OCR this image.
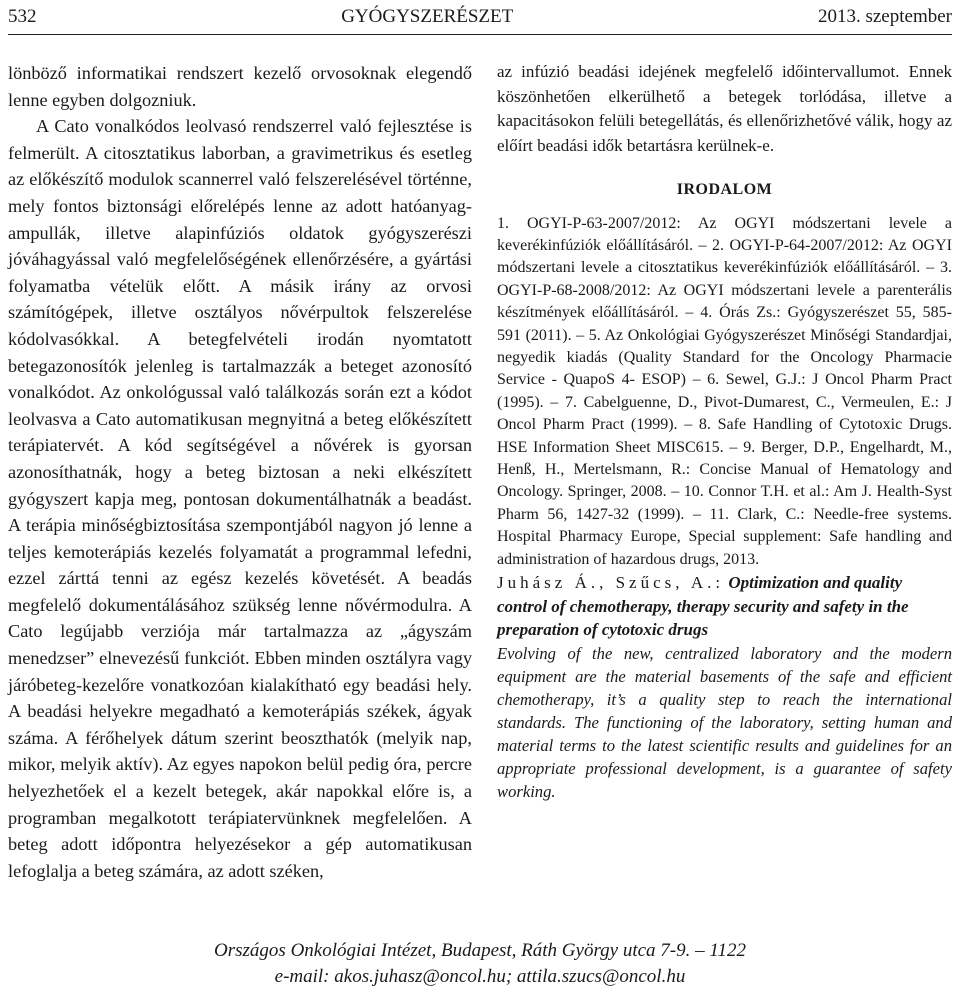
532	GYÓGYSZERÉSZET	2013. szeptember

lönböző informatikai rendszert kezelő orvosoknak elegendő lenne egyben dolgozniuk.

A Cato vonalkódos leolvasó rendszerrel való fejlesztése is felmerült. A citosztatikus laborban, a gravimetrikus és esetleg az előkészítő modulok scannerrel való felszerelésével történne, mely fontos biztonsági előrelépés lenne az adott hatóanyag-ampullák, illetve alapinfúziós oldatok gyógyszerészi jóváhagyással való megfelelőségének ellenőrzésére, a gyártási folyamatba vételük előtt. A másik irány az orvosi számítógépek, illetve osztályos nővérpultok felszerelése kódolvasókkal. A betegfelvételi irodán nyomtatott betegazonosítók jelenleg is tartalmazzák a beteget azonosító vonalkódot. Az onkológussal való találkozás során ezt a kódot leolvasva a Cato automatikusan megnyitná a beteg előkészített terápiatervét. A kód segítségével a nővérek is gyorsan azonosíthatnák, hogy a beteg biztosan a neki elkészített gyógyszert kapja meg, pontosan dokumentálhatnák a beadást. A terápia minőségbiztosítása szempontjából nagyon jó lenne a teljes kemoterápiás kezelés folyamatát a programmal lefedni, ezzel zárttá tenni az egész kezelés követését. A beadás megfelelő dokumentálásához szükség lenne nővérmodulra. A Cato legújabb verziója már tartalmazza az „ágyszám menedzser” elnevezésű funkciót. Ebben minden osztályra vagy járóbeteg-kezelőre vonatkozóan kialakítható egy beadási hely. A beadási helyekre megadható a kemoterápiás székek, ágyak száma. A férőhelyek dátum szerint beoszthatók (melyik nap, mikor, melyik aktív). Az egyes napokon belül pedig óra, percre helyezhetőek el a kezelt betegek, akár napokkal előre is, a programban megalkotott terápiatervünknek megfelelően. A beteg adott időpontra helyezésekor a gép automatikusan lefoglalja a beteg számára, az adott széken,

az infúzió beadási idejének megfelelő időintervallumot. Ennek köszönhetően elkerülhető a betegek torlódása, illetve a kapacitásokon felüli betegellátás, és ellenőrizhetővé válik, hogy az előírt beadási idők betartásra kerülnek-e.

IRODALOM

1. OGYI-P-63-2007/2012: Az OGYI módszertani levele a keverékinfúziók előállításáról. – 2. OGYI-P-64-2007/2012: Az OGYI módszertani levele a citosztatikus keverékinfúziók előállításáról. – 3. OGYI-P-68-2008/2012: Az OGYI módszertani levele a parenterális készítmények előállításáról. – 4. Órás Zs.: Gyógyszerészet 55, 585-591 (2011). – 5. Az Onkológiai Gyógyszerészet Minőségi Standardjai, negyedik kiadás (Quality Standard for the Oncology Pharmacie Service - QuapoS 4- ESOP) – 6. Sewel, G.J.: J Oncol Pharm Pract (1995). – 7. Cabelguenne, D., Pivot-Dumarest, C., Vermeulen, E.: J Oncol Pharm Pract (1999). – 8. Safe Handling of Cytotoxic Drugs. HSE Information Sheet MISC615. – 9. Berger, D.P., Engelhardt, M., Henß, H., Mertelsmann, R.: Concise Manual of Hematology and Oncology. Springer, 2008. – 10. Connor T.H. et al.: Am J. Health-Syst Pharm 56, 1427-32 (1999). – 11. Clark, C.: Needle-free systems. Hospital Pharmacy Europe, Special supplement: Safe handling and administration of hazardous drugs, 2013.

Juhász Á., Szűcs, A.: Optimization and quality control of chemotherapy, therapy security and safety in the preparation of cytotoxic drugs

Evolving of the new, centralized laboratory and the modern equipment are the material basements of the safe and efficient chemotherapy, it’s a quality step to reach the international standards. The functioning of the laboratory, setting human and material terms to the latest scientific results and guidelines for an appropriate professional development, is a guarantee of safety working.

Országos Onkológiai Intézet, Budapest, Ráth György utca 7-9. – 1122
e-mail: akos.juhasz@oncol.hu; attila.szucs@oncol.hu
